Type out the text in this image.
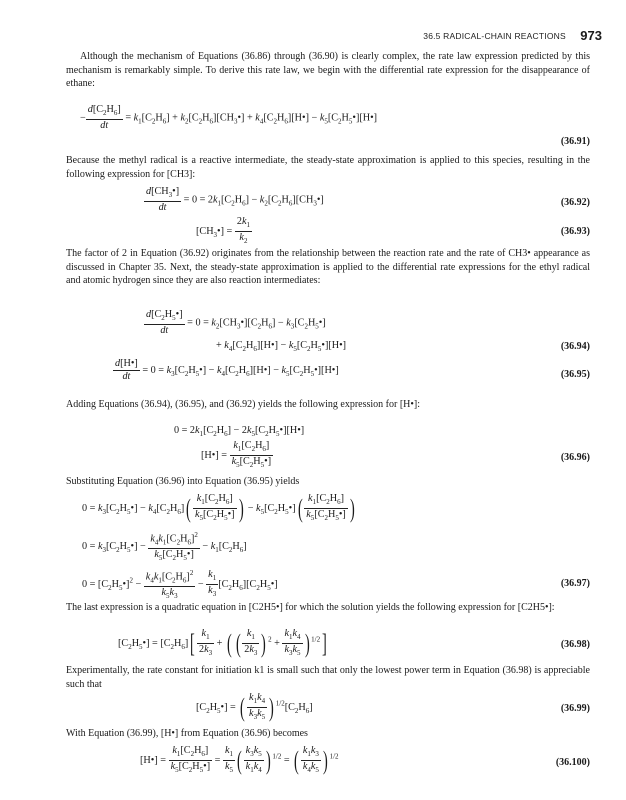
36.5 RADICAL-CHAIN REACTIONS 973
Although the mechanism of Equations (36.86) through (36.90) is clearly complex, the rate law expression predicted by this mechanism is remarkably simple. To derive this rate law, we begin with the differential rate expression for the disappearance of ethane:
− $\frac{d[C_2H_6]}{dt} = k_1[C_2H_6]$ + $k_2[C_2H_6][CH_3•]$ + $k_4[C_2H_6][H•]$ − $k_5[C_2H_5•][H•]$
(36.91)
Because the methyl radical is a reactive intermediate, the steady-state approximation is applied to this species, resulting in the following expression for [CH3]:
$\frac{d[CH_3•]}{dt} = 0 = 2k_1[C_2H_6]$ − $k_2[C_2H_6][CH_3•]$	(36.92)
$[CH_3•] = \frac{2k_1}{k_2}$	(36.93)
The factor of 2 in Equation (36.92) originates from the relationship between the reaction rate and the rate of CH3• appearance as discussed in Chapter 35. Next, the steady-state approximation is applied to the differential rate expressions for the ethyl radical and atomic hydrogen since they are also reaction intermediates:
$\frac{d[C_2H_5•]}{dt} = 0$ = $k_2[CH_3•][C_2H_6]$ − $k_3[C_2H_5•]$
+ $k_4[C_2H_6][H•]$ − $k_5[C_2H_5•][H•]$	(36.94)
$\frac{d[H•]}{dt} = 0$ = $k_3[C_2H_5•]$ − $k_4[C_2H_6][H•]$ − $k_5[C_2H_5•][H•]$	(36.95)
Adding Equations (36.94), (36.95), and (36.92) yields the following expression for [H•]:
$0 = 2k_1[C_2H_6]$ − $2k_5[C_2H_5•][H•]$
[H•] = $\frac{k_1[C_2H_6]}{k_5[C_2H_5•]}$	(36.96)
Substituting Equation (36.96) into Equation (36.95) yields
$0 = k_3[C_2H_5•] - k_4[C_2H_6]( \frac{k_1[C_2H_6]}{k_5[C_2H_5•]}$ ) − $k_5[C_2H_5•]( \frac{k_1[C_2H_6]}{k_5[C_2H_5•]}$ )
$0 = k_3[C_2H_5•] - \frac{k_4k_1[C_2H_6]^2}{k_5[C_2H_5•]} - k_1[C_2H_6]$
$0 = [C_2H_5•]^2 - \frac{k_4k_1[C_2H_6]^2}{k_5k_3} - \frac{k_1}{k_3}$ $[C_2H_6][C_2H_5•]$	(36.97)
The last expression is a quadratic equation in [C2H5•] for which the solution yields the following expression for [C2H5•]:
$[C_2H_5•] = [C_2H_6][ \frac{k_1}{2k_3}$ + ( ( $\frac{k_1}{2k_3}$ ) $^2 + \frac{k_1k_4}{k_3k_5}$ ) $^{1/2}$]	(36.98)
Experimentally, the rate constant for initiation k1 is small such that only the lowest power term in Equation (36.98) is appreciable such that
$[C_2H_5•]$ = ( $\frac{k_1k_4}{k_3k_5}$ ) $^{1/2}[C_2H_6]$	(36.99)
With Equation (36.99), [H•] from Equation (36.96) becomes
[H•] = $\frac{k_1[C_2H_6]}{k_5[C_2H_5•]} = \frac{k_1}{k_5}$ ( $\frac{k_3k_5}{k_1k_4}$ ) $^{1/2}$ = ( $\frac{k_1k_3}{k_4k_5}$ ) $^{1/2}$
(36.100)
